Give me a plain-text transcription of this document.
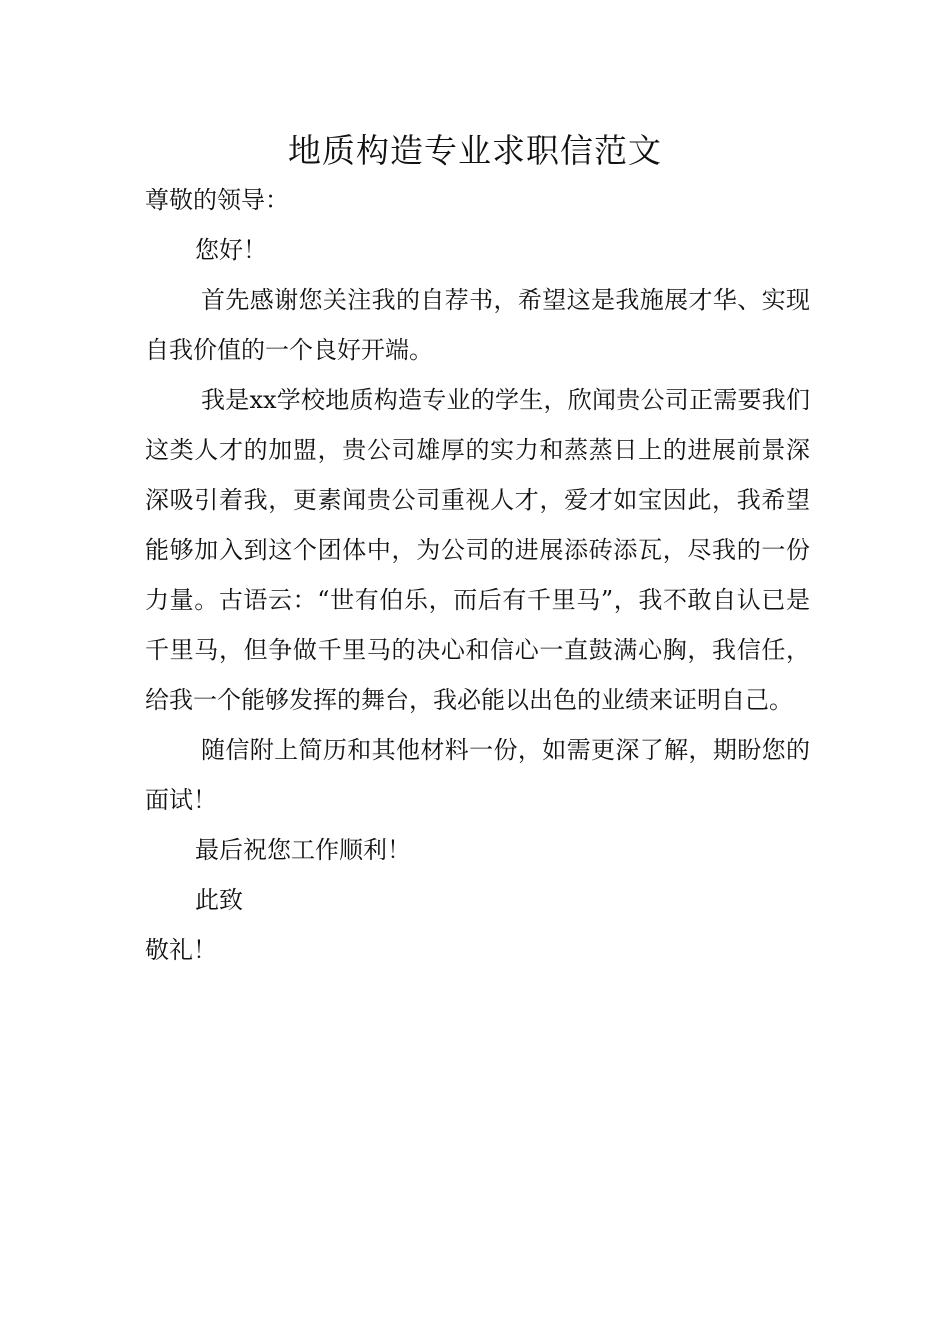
地质构造专业求职信范文

尊敬的领导：

您好！

首先感谢您关注我的自荐书，希望这是我施展才华、实现自我价值的一个良好开端。

我是xx学校地质构造专业的学生，欣闻贵公司正需要我们这类人才的加盟，贵公司雄厚的实力和蒸蒸日上的进展前景深深吸引着我，更素闻贵公司重视人才，爱才如宝因此，我希望能够加入到这个团体中，为公司的进展添砖添瓦，尽我的一份力量。古语云：“世有伯乐，而后有千里马”，我不敢自认已是千里马，但争做千里马的决心和信心一直鼓满心胸，我信任，给我一个能够发挥的舞台，我必能以出色的业绩来证明自己。

随信附上简历和其他材料一份，如需更深了解，期盼您的面试！

最后祝您工作顺利！

此致

敬礼！
